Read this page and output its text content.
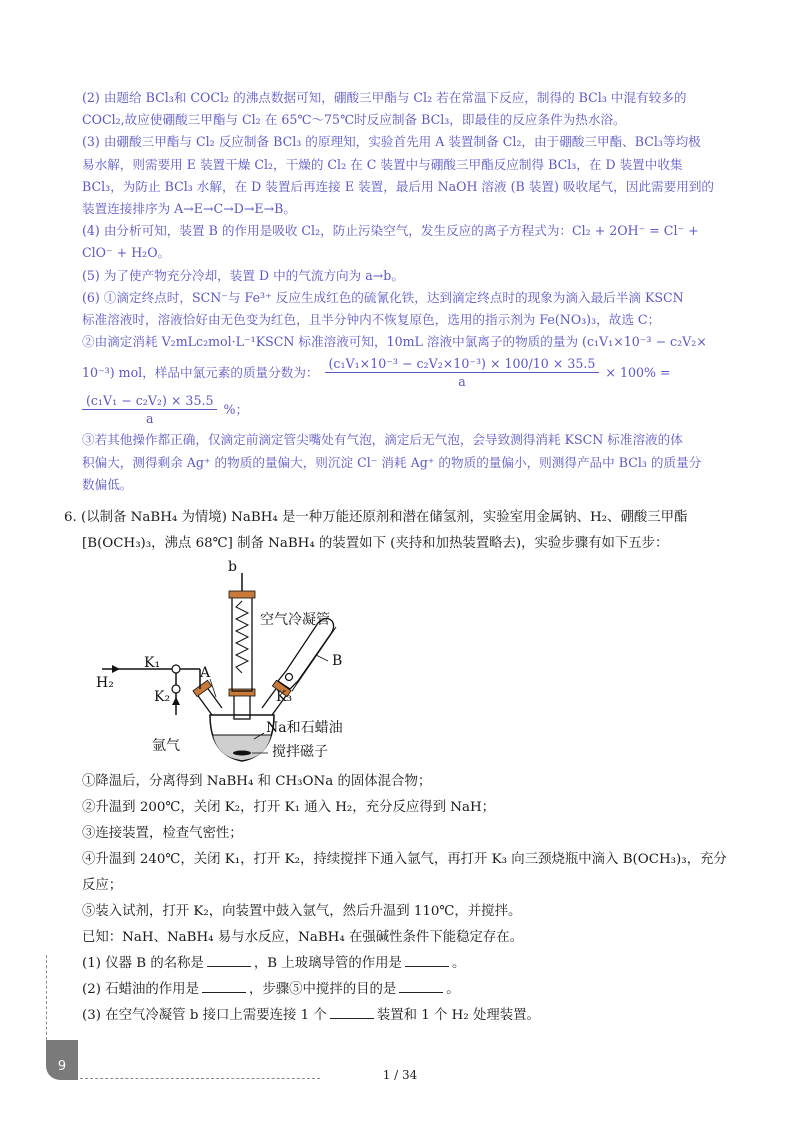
(2) 由题给 BCl₃和 COCl₂ 的沸点数据可知，硼酸三甲酯与 Cl₂ 若在常温下反应，制得的 BCl₃ 中混有较多的

COCl₂,故应使硼酸三甲酯与 Cl₂ 在 65℃～75℃时反应制备 BCl₃，即最佳的反应条件为热水浴。

(3) 由硼酸三甲酯与 Cl₂ 反应制备 BCl₃ 的原理知，实验首先用 A 装置制备 Cl₂，由于硼酸三甲酯、BCl₃等均极

易水解，则需要用 E 装置干燥 Cl₂，干燥的 Cl₂ 在 C 装置中与硼酸三甲酯反应制得 BCl₃，在 D 装置中收集

BCl₃，为防止 BCl₃ 水解，在 D 装置后再连接 E 装置，最后用 NaOH 溶液 (B 装置) 吸收尾气，因此需要用到的

装置连接排序为 A→E→C→D→E→B。

(4) 由分析可知，装置 B 的作用是吸收 Cl₂，防止污染空气，发生反应的离子方程式为：Cl₂ + 2OH⁻ = Cl⁻ +

ClO⁻ + H₂O。

(5) 为了使产物充分冷却，装置 D 中的气流方向为 a→b。

(6) ①滴定终点时，SCN⁻与 Fe³⁺ 反应生成红色的硫氰化铁，达到滴定终点时的现象为滴入最后半滴 KSCN

标准溶液时，溶液恰好由无色变为红色，且半分钟内不恢复原色，选用的指示剂为 Fe(NO₃)₃，故选 C；

②由滴定消耗 V₂mLc₂mol·L⁻¹KSCN 标准溶液可知，10mL 溶液中氯离子的物质的量为 (c₁V₁×10⁻³ − c₂V₂×

10⁻³) mol，样品中氯元素的质量分数为： $\frac{\text{(c₁V₁×10⁻³ − c₂V₂×10⁻³) × 100/10 × 35.5}}{a} \times 100\%$ =
$\frac{\text{(c₁V₁ − c₂V₂) × 35.5}}{a}$ %；

③若其他操作都正确，仅滴定前滴定管尖嘴处有气泡，滴定后无气泡，会导致测得消耗 KSCN 标准溶液的体

积偏大，测得剩余 Ag⁺ 的物质的量偏大，则沉淀 Cl⁻ 消耗 Ag⁺ 的物质的量偏小，则测得产品中 BCl₃ 的质量分

数偏低。

6. (以制备 NaBH₄ 为情境) NaBH₄ 是一种万能还原剂和潜在储氢剂，实验室用金属钠、H₂、硼酸三甲酯

[B(OCH₃)₃，沸点 68℃] 制备 NaBH₄ 的装置如下 (夹持和加热装置略去)，实验步骤有如下五步：

①降温后，分离得到 NaBH₄ 和 CH₃ONa 的固体混合物；

②升温到 200℃，关闭 K₂，打开 K₁ 通入 H₂，充分反应得到 NaH；

③连接装置，检查气密性；

④升温到 240℃，关闭 K₁，打开 K₂，持续搅拌下通入氩气，再打开 K₃ 向三颈烧瓶中滴入 B(OCH₃)₃，充分

反应；

⑤装入试剂，打开 K₂，向装置中鼓入氩气，然后升温到 110℃，并搅拌。

已知：NaH、NaBH₄ 易与水反应，NaBH₄ 在强碱性条件下能稳定存在。

(1) 仪器 B 的名称是	，B 上玻璃导管的作用是	。

(2) 石蜡油的作用是	，步骤⑤中搅拌的目的是	。

(3) 在空气冷凝管 b 接口上需要连接 1 个	装置和 1 个 H₂ 处理装置。

b
空气冷凝管
B
K₁
A
H₂
K₃
K₂
Na和石蜡油
氩气	搅拌磁子
9
1 / 34
